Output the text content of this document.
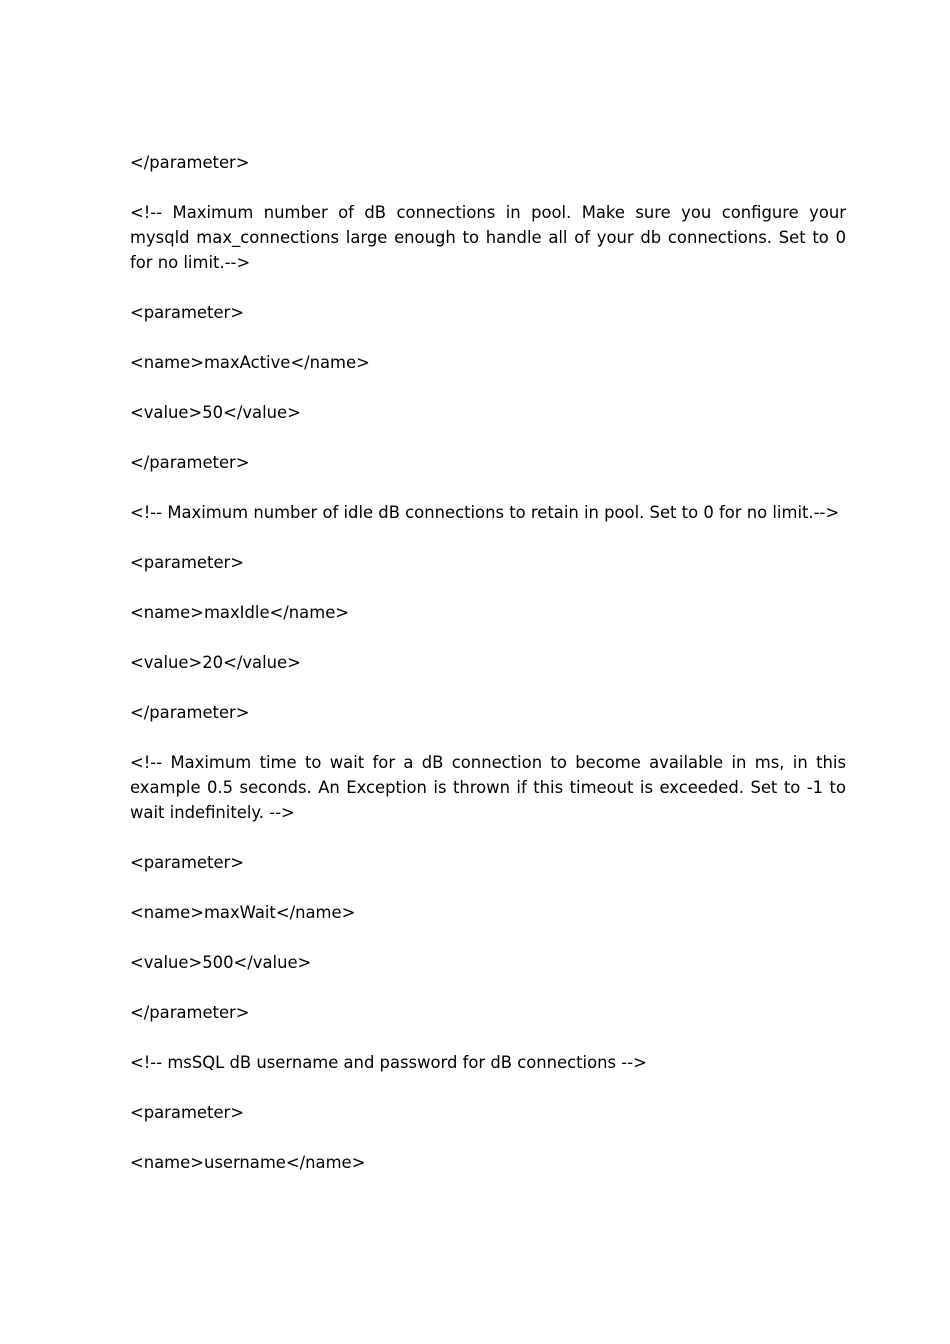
</parameter>

<!-- Maximum number of dB connections in pool. Make sure you configure your mysqld max_connections large enough to handle all of your db connections. Set to 0 for no limit.-->

<parameter>

<name>maxActive</name>

<value>50</value>

</parameter>

<!-- Maximum number of idle dB connections to retain in pool. Set to 0 for no limit.-->

<parameter>

<name>maxIdle</name>

<value>20</value>

</parameter>

<!-- Maximum time to wait for a dB connection to become available in ms, in this example 0.5 seconds. An Exception is thrown if this timeout is exceeded. Set to -1 to wait indefinitely. -->

<parameter>

<name>maxWait</name>

<value>500</value>

</parameter>

<!-- msSQL dB username and password for dB connections -->

<parameter>

<name>username</name>
